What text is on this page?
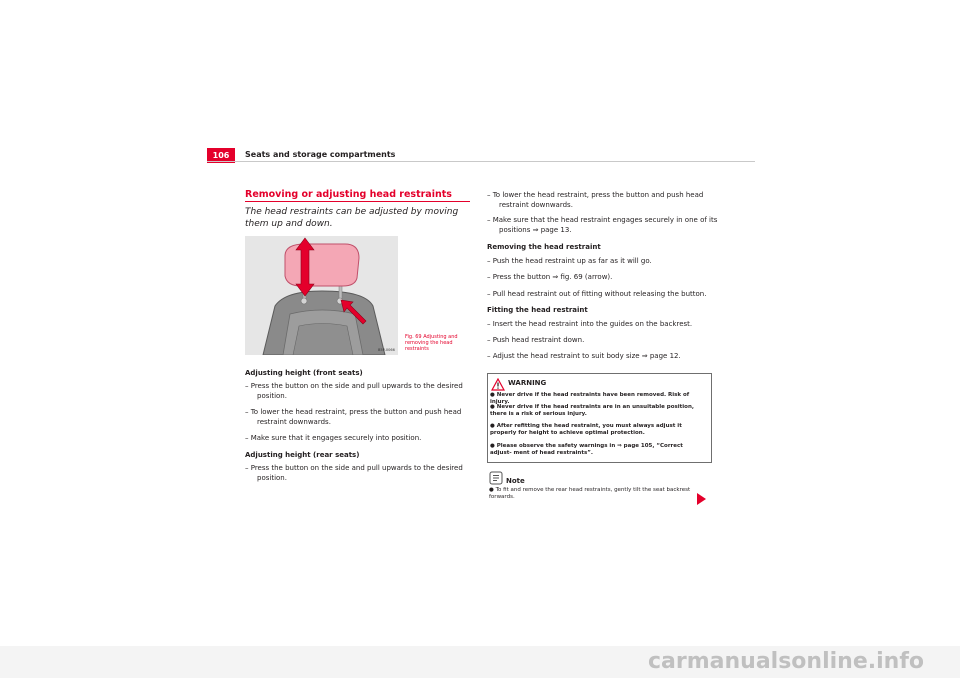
106	Seats and storage compartments
Removing or adjusting head restraints
The head restraints can be adjusted by moving them up and down.
B5P-0066
Fig. 69 Adjusting and removing the head restraints
Adjusting height (front seats)
– Press the button on the side and pull upwards to the desired position.
– To lower the head restraint, press the button and push head restraint downwards.
– Make sure that it engages securely into position.
Adjusting height (rear seats)
– Press the button on the side and pull upwards to the desired position.
– To lower the head restraint, press the button and push head restraint downwards.
– Make sure that the head restraint engages securely in one of its positions ⇒ page 13.
Removing the head restraint
– Push the head restraint up as far as it will go.
– Press the button ⇒ fig. 69 (arrow).
– Pull head restraint out of fitting without releasing the button.
Fitting the head restraint
– Insert the head restraint into the guides on the backrest.
– Push head restraint down.
– Adjust the head restraint to suit body size ⇒ page 12.
WARNING
● Never drive if the head restraints have been removed. Risk of injury.
● Never drive if the head restraints are in an unsuitable position, there is a risk of serious injury.
● After refitting the head restraint, you must always adjust it properly for height to achieve optimal protection.
● Please observe the safety warnings in ⇒ page 105, “Correct adjust- ment of head restraints”.
Note
● To fit and remove the rear head restraints, gently tilt the seat backrest forwards.
carmanualsonline.info
